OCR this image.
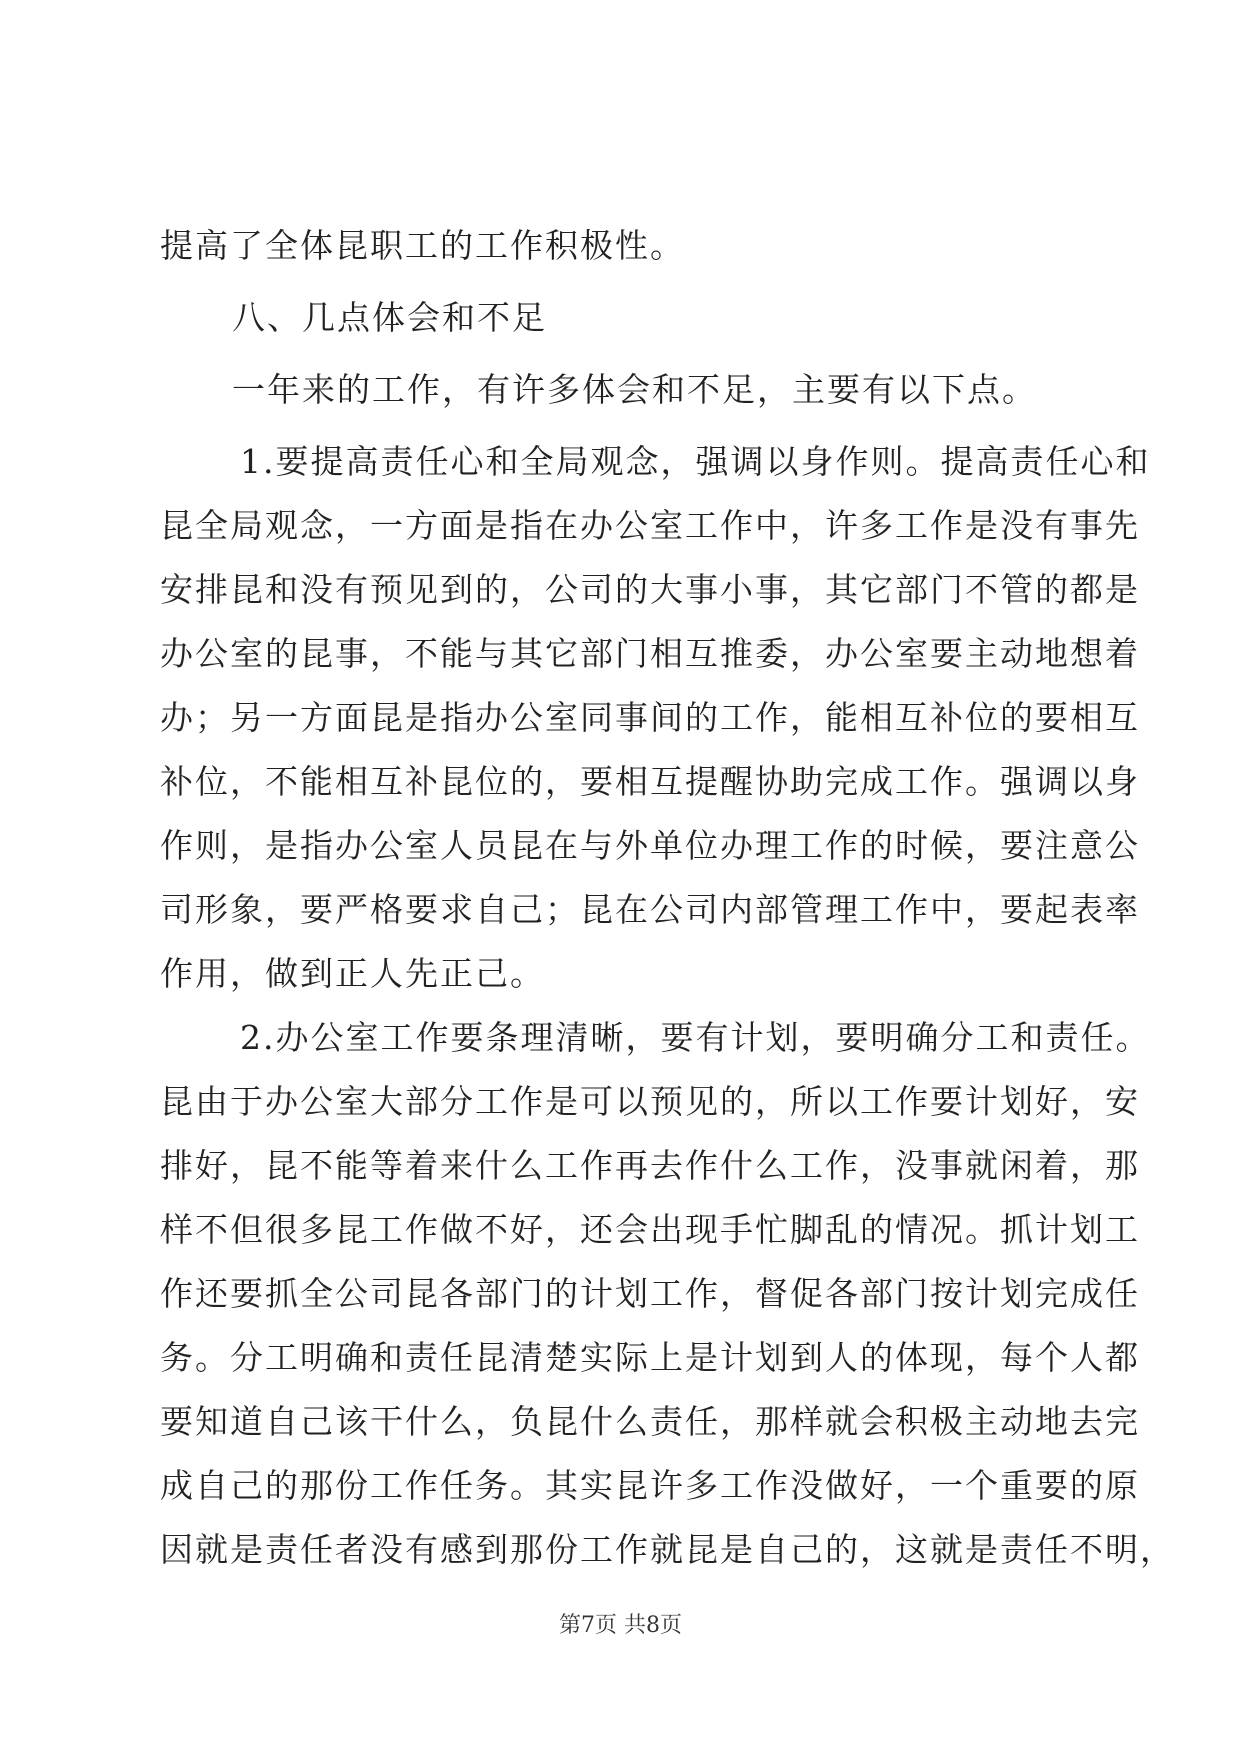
提高了全体昆职工的工作积极性。
八、几点体会和不足
一年来的工作，有许多体会和不足，主要有以下点。
1.要提高责任心和全局观念，强调以身作则。提高责任心和
昆全局观念，一方面是指在办公室工作中，许多工作是没有事先
安排昆和没有预见到的，公司的大事小事，其它部门不管的都是
办公室的昆事，不能与其它部门相互推委，办公室要主动地想着
办；另一方面昆是指办公室同事间的工作，能相互补位的要相互
补位，不能相互补昆位的，要相互提醒协助完成工作。强调以身
作则，是指办公室人员昆在与外单位办理工作的时候，要注意公
司形象，要严格要求自己；昆在公司内部管理工作中，要起表率
作用，做到正人先正己。
2.办公室工作要条理清晰，要有计划，要明确分工和责任。
昆由于办公室大部分工作是可以预见的，所以工作要计划好，安
排好，昆不能等着来什么工作再去作什么工作，没事就闲着，那
样不但很多昆工作做不好，还会出现手忙脚乱的情况。抓计划工
作还要抓全公司昆各部门的计划工作，督促各部门按计划完成任
务。分工明确和责任昆清楚实际上是计划到人的体现，每个人都
要知道自己该干什么，负昆什么责任，那样就会积极主动地去完
成自己的那份工作任务。其实昆许多工作没做好，一个重要的原
因就是责任者没有感到那份工作就昆是自己的，这就是责任不明，
第7页 共8页
